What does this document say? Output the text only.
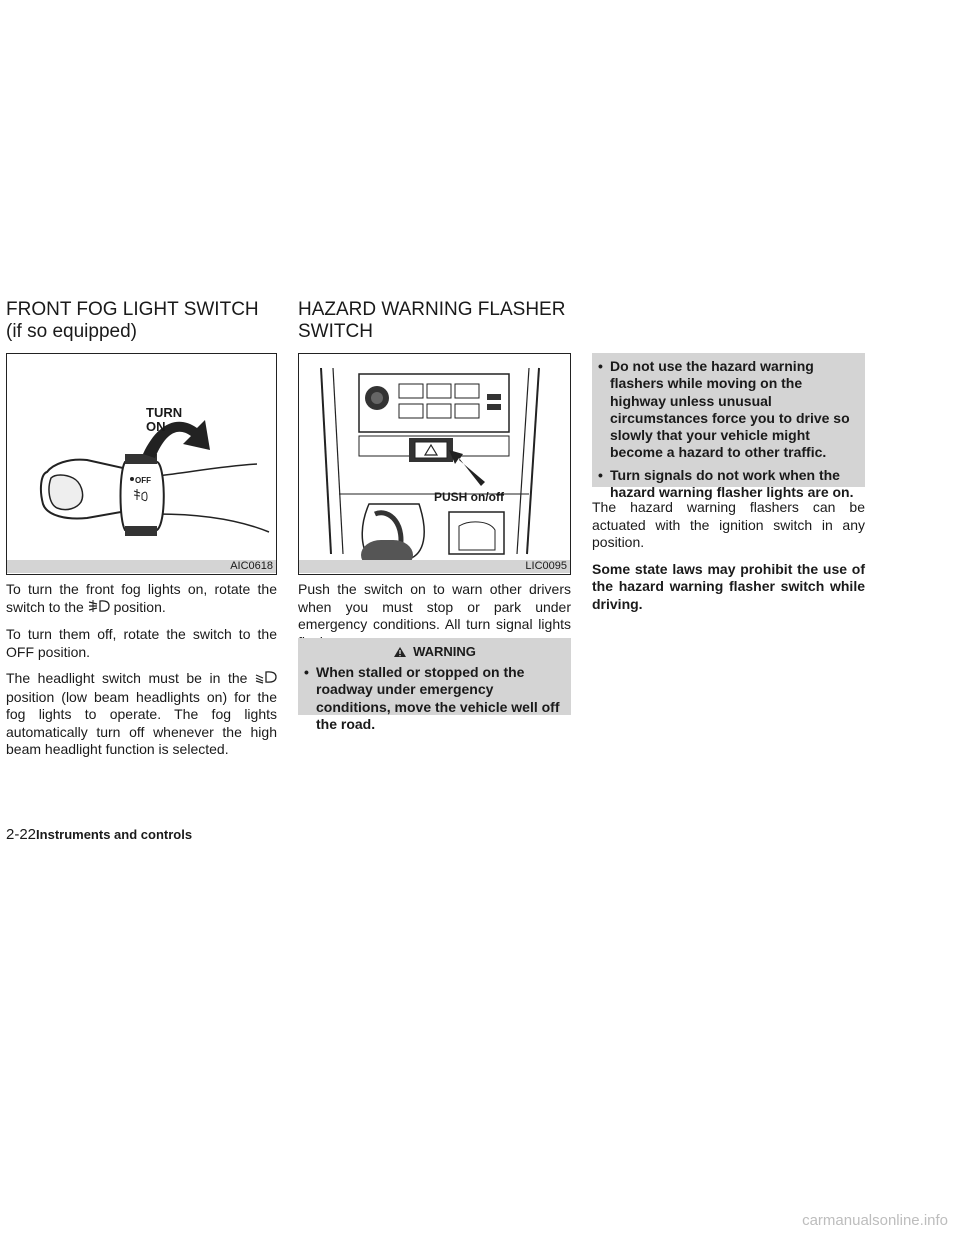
FRONT FOG LIGHT SWITCH
(if so equipped)
TURN
ON
OFF
AIC0618

To turn the front fog lights on, rotate the switch to the position.

To turn them off, rotate the switch to the OFF position.

The headlight switch must be in the  position (low beam headlights on) for the fog lights to operate. The fog lights automatically turn off whenever the high beam headlight function is selected.

HAZARD WARNING FLASHER
SWITCH
PUSH on/off
LIC0095

Push the switch on to warn other drivers when you must stop or park under emergency conditions. All turn signal lights

WARNING
• When stalled or stopped on the roadway under emergency conditions, move the vehicle well off the road.
• Do not use the hazard warning flashers while moving on the highway unless unusual circumstances force you to drive so slowly that your vehicle might become a hazard to other traffic.
• Turn signals do not work when the hazard warning flasher lights are on.

The hazard warning flashers can be actuated with the ignition switch in any position.

Some state laws may prohibit the use of the hazard warning flasher switch while driving.

2-22 Instruments and controls
carmanualsonline.info
